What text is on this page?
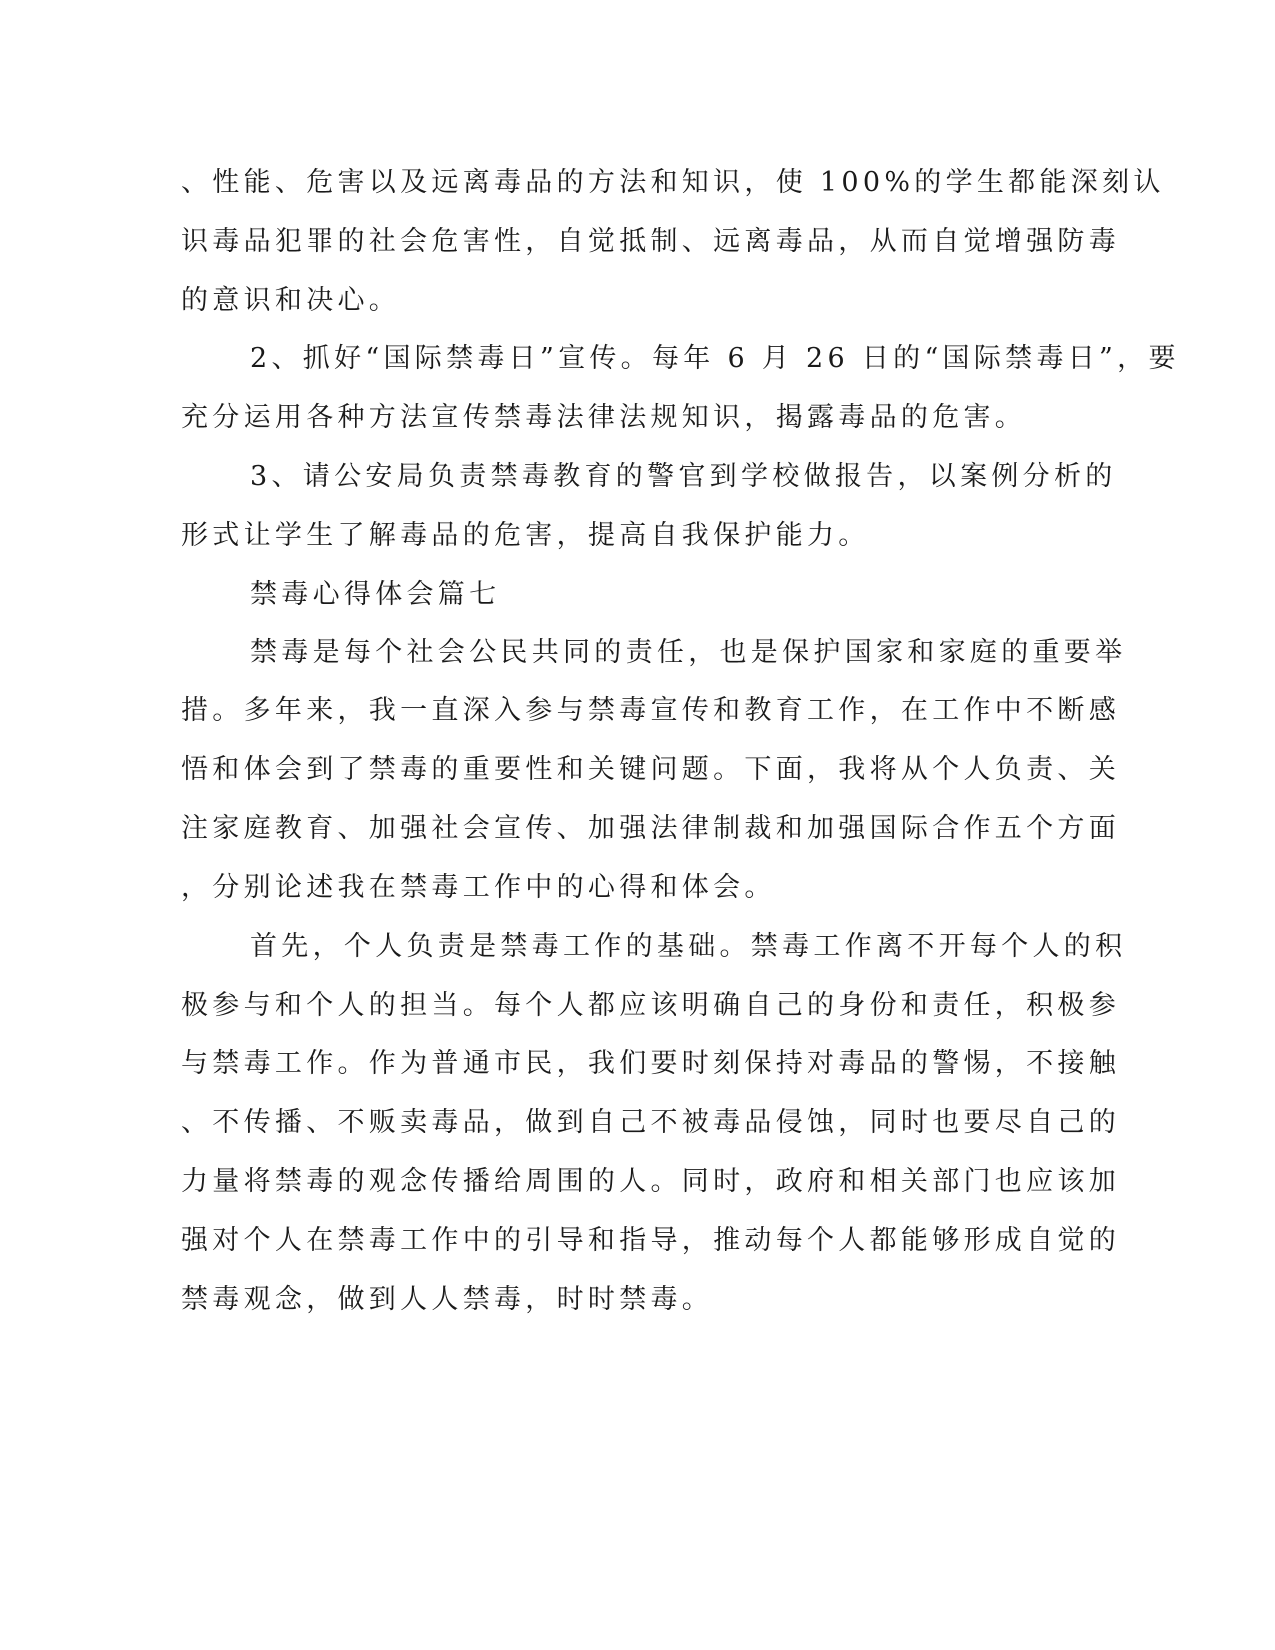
、性能、危害以及远离毒品的方法和知识，使 100%的学生都能深刻认
识毒品犯罪的社会危害性，自觉抵制、远离毒品，从而自觉增强防毒
的意识和决心。
2、抓好“国际禁毒日”宣传。每年 6 月 26 日的“国际禁毒日”，要
充分运用各种方法宣传禁毒法律法规知识，揭露毒品的危害。
3、请公安局负责禁毒教育的警官到学校做报告，以案例分析的
形式让学生了解毒品的危害，提高自我保护能力。
禁毒心得体会篇七
禁毒是每个社会公民共同的责任，也是保护国家和家庭的重要举
措。多年来，我一直深入参与禁毒宣传和教育工作，在工作中不断感
悟和体会到了禁毒的重要性和关键问题。下面，我将从个人负责、关
注家庭教育、加强社会宣传、加强法律制裁和加强国际合作五个方面
，分别论述我在禁毒工作中的心得和体会。
首先，个人负责是禁毒工作的基础。禁毒工作离不开每个人的积
极参与和个人的担当。每个人都应该明确自己的身份和责任，积极参
与禁毒工作。作为普通市民，我们要时刻保持对毒品的警惕，不接触
、不传播、不贩卖毒品，做到自己不被毒品侵蚀，同时也要尽自己的
力量将禁毒的观念传播给周围的人。同时，政府和相关部门也应该加
强对个人在禁毒工作中的引导和指导，推动每个人都能够形成自觉的
禁毒观念，做到人人禁毒，时时禁毒。
